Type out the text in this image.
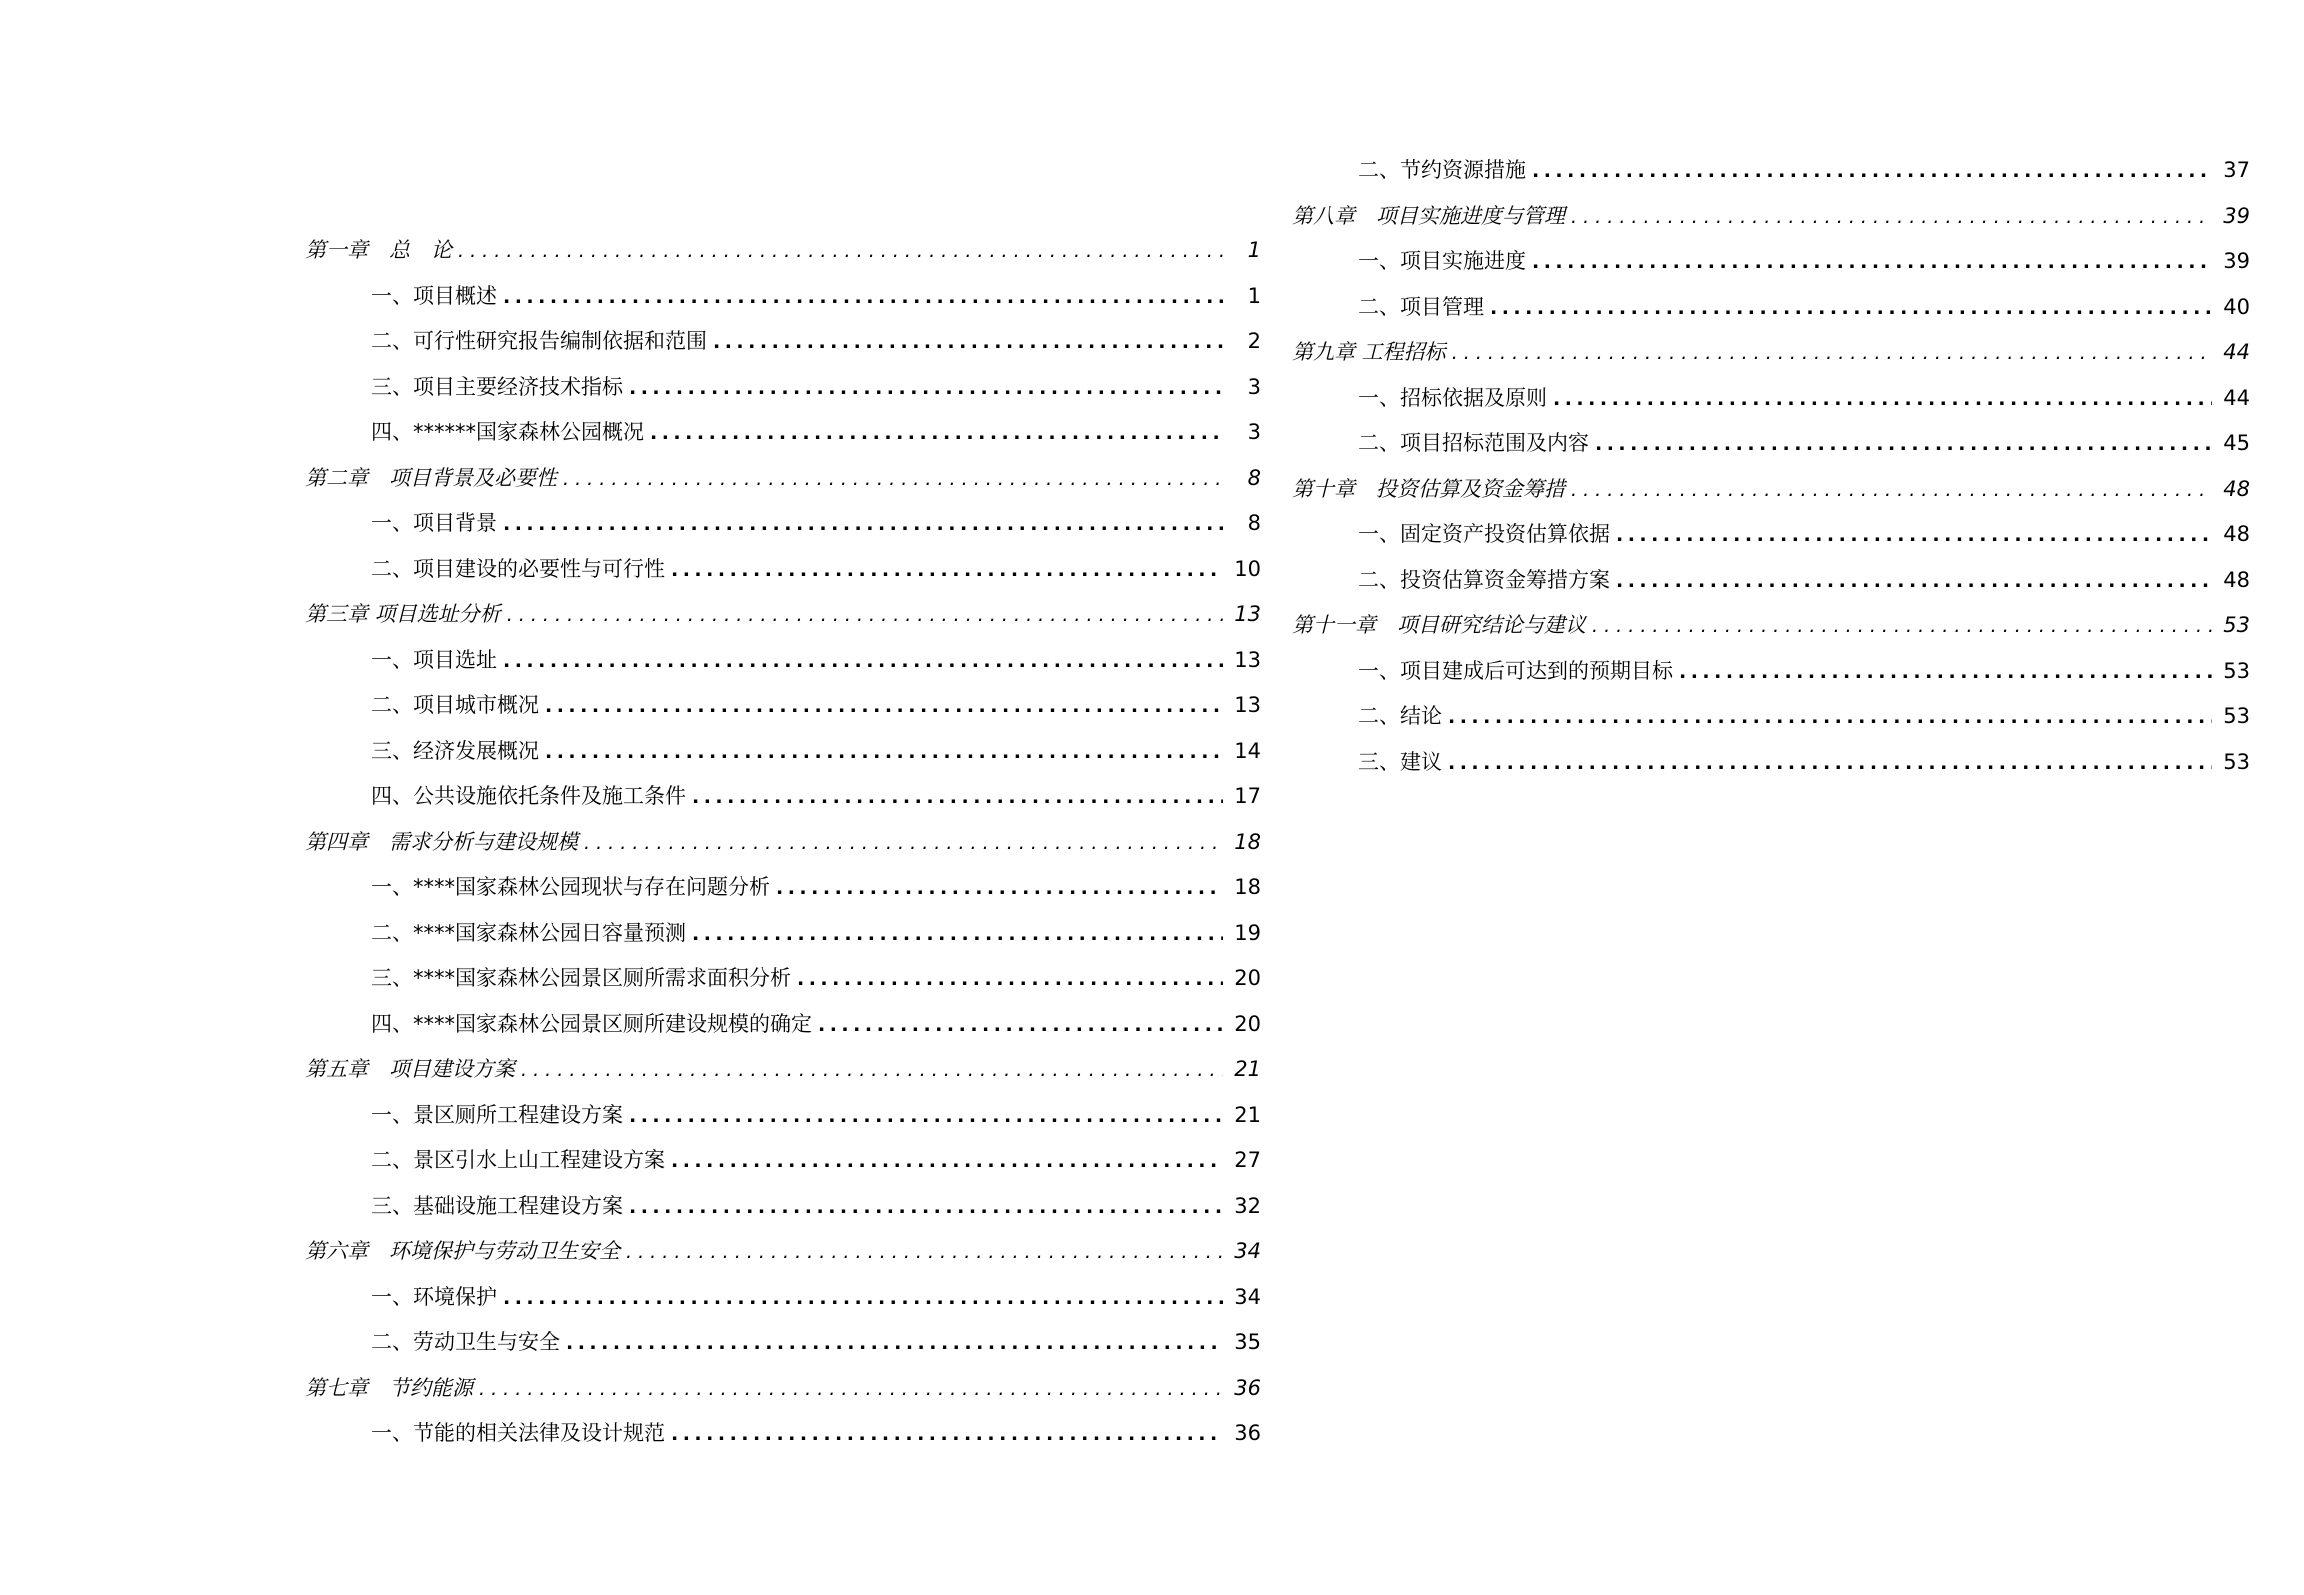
第一章　总　论 . . .	1
一、项目概述 .....	1
二、可行性研究报告编制依据和范围 .....	2
三、项目主要经济技术指标 .....	3
四、******国家森林公园概况 .....	3
第二章　项目背景及必要性 . . .	8
一、项目背景 .....	8
二、项目建设的必要性与可行性 .....	10
第三章 项目选址分析 . . .	13
一、项目选址 .....	13
二、项目城市概况 .....	13
三、经济发展概况 .....	14
四、公共设施依托条件及施工条件 .....	17
第四章　需求分析与建设规模 . . .	18
一、****国家森林公园现状与存在问题分析 .....	18
二、****国家森林公园日容量预测 .....	19
三、****国家森林公园景区厕所需求面积分析 .....	20
四、****国家森林公园景区厕所建设规模的确定 .....	20
第五章　项目建设方案 . . .	21
一、景区厕所工程建设方案 .....	21
二、景区引水上山工程建设方案 .....	27
三、基础设施工程建设方案 .....	32
第六章　环境保护与劳动卫生安全 . . .	34
一、环境保护 .....	34
二、劳动卫生与安全 .....	35
第七章　节约能源 . . .	36
一、节能的相关法律及设计规范 .....	36
二、节约资源措施 .....	37
第八章　项目实施进度与管理 . . .	39
一、项目实施进度 .....	39
二、项目管理 .....	40
第九章 工程招标 . . .	44
一、招标依据及原则 .....	44
二、项目招标范围及内容 .....	45
第十章　投资估算及资金筹措 . . .	48
一、固定资产投资估算依据 .....	48
二、投资估算资金筹措方案 .....	48
第十一章　项目研究结论与建议 . . .	53
一、项目建成后可达到的预期目标 .....	53
二、结论 .....	53
三、建议 .....	53
